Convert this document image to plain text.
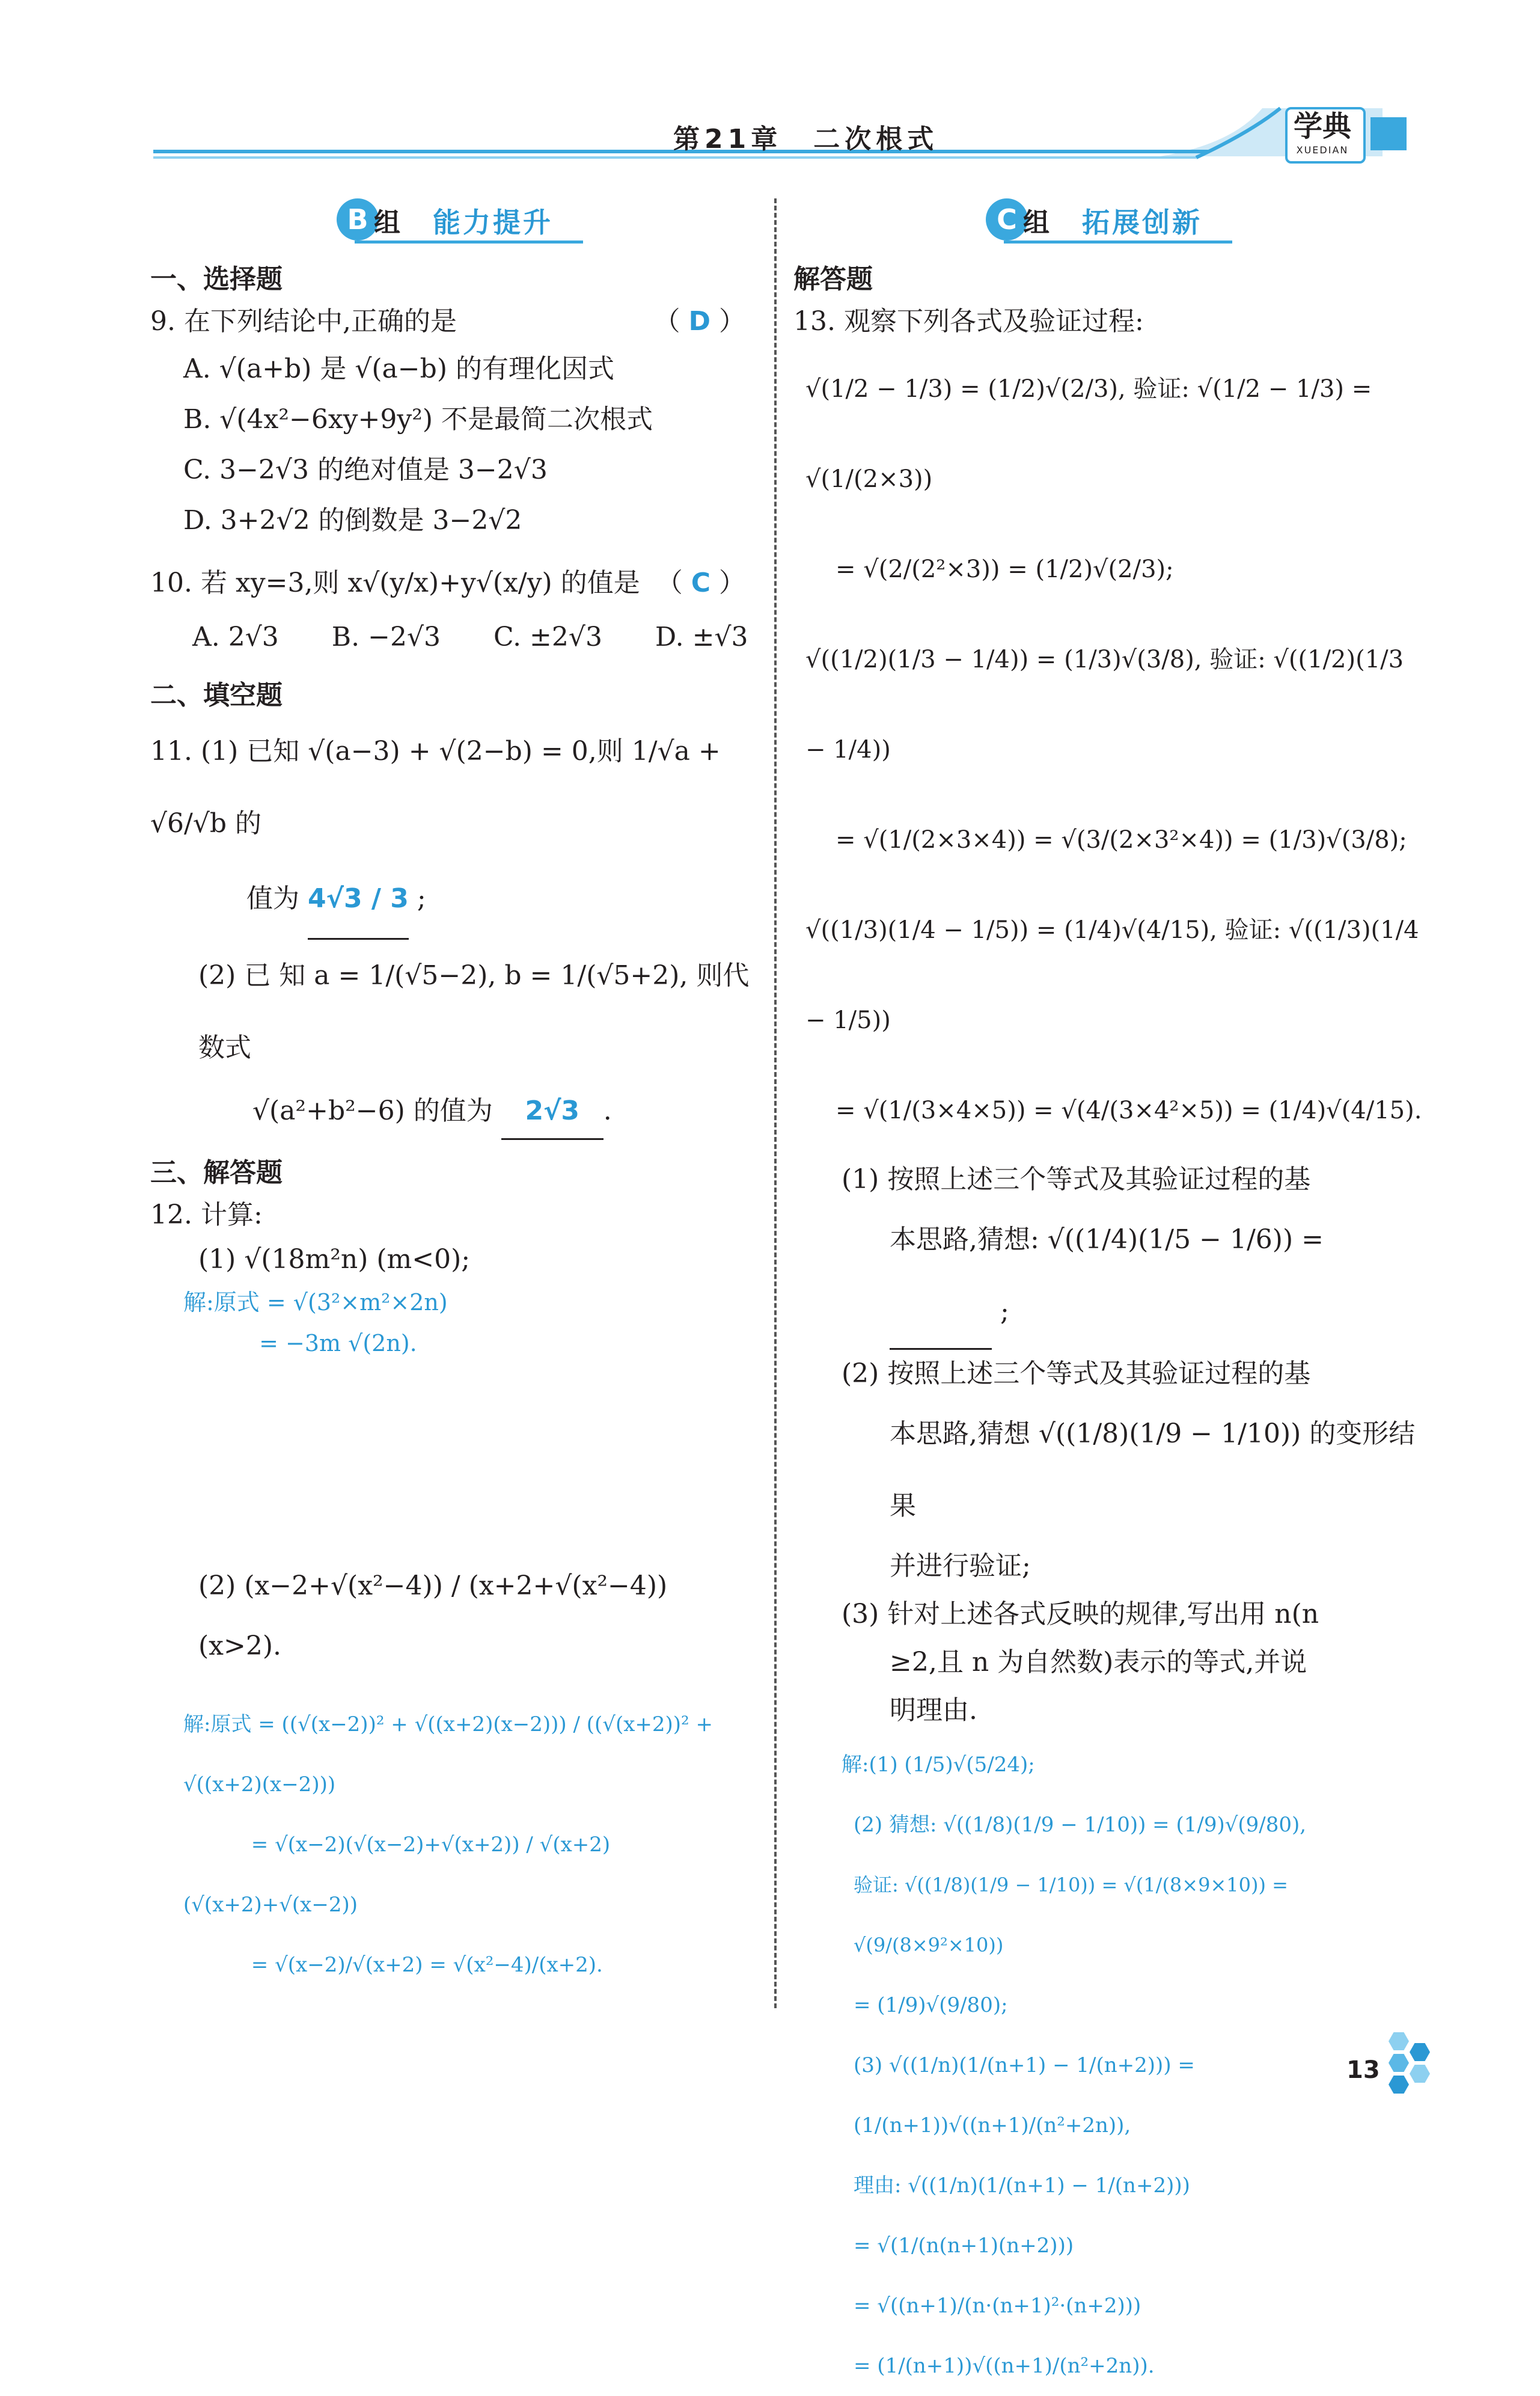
第21章　二次根式	学典
XUEDIAN
B 组 能力提升
一、选择题
9. 在下列结论中,正确的是	（ D ）
A. √(a+b) 是 √(a−b) 的有理化因式
B. √(4x²−6xy+9y²) 不是最简二次根式
C. 3−2√3 的绝对值是 3−2√3
D. 3+2√2 的倒数是 3−2√2
10. 若 xy=3,则 x√(y/x)+y√(x/y) 的值是 （ C ）
A. 2√3　　B. −2√3　　C. ±2√3　　D. ±√3
二、填空题
11. (1) 已知 √(a−3) + √(2−b) = 0,则 1/√a + √6/√b 的
值为 4√3 / 3 ;
(2) 已 知 a = 1/(√5−2), b = 1/(√5+2), 则代数式
√(a²+b²−6) 的值为 2√3 .
三、解答题
12. 计算:
(1) √(18m²n) (m<0);
解:原式 = √(3²×m²×2n)
　　　 = −3m √(2n).
(2) (x−2+√(x²−4)) / (x+2+√(x²−4)) (x>2).
解:原式 = ((√(x−2))² + √((x+2)(x−2))) / ((√(x+2))² + √((x+2)(x−2)))
　　　 = √(x−2)(√(x−2)+√(x+2)) / √(x+2)(√(x+2)+√(x−2))
　　　 = √(x−2)/√(x+2) = √(x²−4)/(x+2).
C 组 拓展创新
解答题
13. 观察下列各式及验证过程:
√(1/2 − 1/3) = (1/2)√(2/3), 验证: √(1/2 − 1/3) = √(1/(2×3))
= √(2/(2²×3)) = (1/2)√(2/3);
√((1/2)(1/3 − 1/4)) = (1/3)√(3/8), 验证: √((1/2)(1/3 − 1/4))
= √(1/(2×3×4)) = √(3/(2×3²×4)) = (1/3)√(3/8);
√((1/3)(1/4 − 1/5)) = (1/4)√(4/15), 验证: √((1/3)(1/4 − 1/5))
= √(1/(3×4×5)) = √(4/(3×4²×5)) = (1/4)√(4/15).
(1) 按照上述三个等式及其验证过程的基
本思路,猜想: √((1/4)(1/5 − 1/6)) =   ;
(2) 按照上述三个等式及其验证过程的基
本思路,猜想 √((1/8)(1/9 − 1/10)) 的变形结果
并进行验证;
(3) 针对上述各式反映的规律,写出用 n(n
≥2,且 n 为自然数)表示的等式,并说
明理由.
解:(1) (1/5)√(5/24);
(2) 猜想: √((1/8)(1/9 − 1/10)) = (1/9)√(9/80),
验证: √((1/8)(1/9 − 1/10)) = √(1/(8×9×10)) = √(9/(8×9²×10))
= (1/9)√(9/80);
(3) √((1/n)(1/(n+1) − 1/(n+2))) = (1/(n+1))√((n+1)/(n²+2n)),
理由: √((1/n)(1/(n+1) − 1/(n+2)))
= √(1/(n(n+1)(n+2)))
= √((n+1)/(n·(n+1)²·(n+2)))
= (1/(n+1))√((n+1)/(n²+2n)).
13
